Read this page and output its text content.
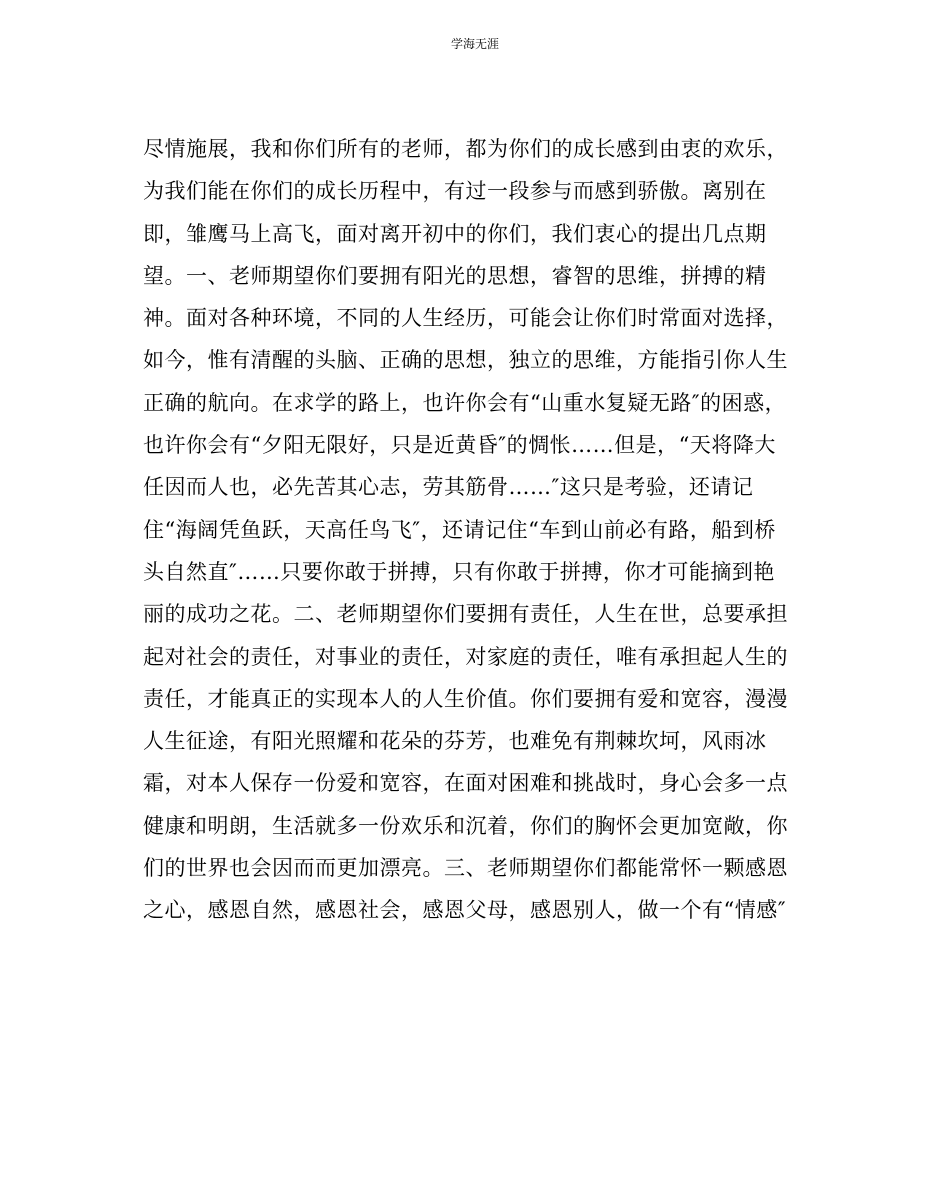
学海无涯
尽情施展，我和你们所有的老师，都为你们的成长感到由衷的欢乐，
为我们能在你们的成长历程中，有过一段参与而感到骄傲。离别在
即，雏鹰马上高飞，面对离开初中的你们，我们衷心的提出几点期
望。一、老师期望你们要拥有阳光的思想，睿智的思维，拼搏的精
神。面对各种环境，不同的人生经历，可能会让你们时常面对选择，
如今，惟有清醒的头脑、正确的思想，独立的思维，方能指引你人生
正确的航向。在求学的路上，也许你会有“山重水复疑无路″的困惑，
也许你会有“夕阳无限好，只是近黄昏″的惆怅……但是，“天将降大
任因而人也，必先苦其心志，劳其筋骨……″这只是考验，还请记
住“海阔凭鱼跃，天高任鸟飞″，还请记住“车到山前必有路，船到桥
头自然直″……只要你敢于拼搏，只有你敢于拼搏，你才可能摘到艳
丽的成功之花。二、老师期望你们要拥有责任，人生在世，总要承担
起对社会的责任，对事业的责任，对家庭的责任，唯有承担起人生的
责任，才能真正的实现本人的人生价值。你们要拥有爱和宽容，漫漫
人生征途，有阳光照耀和花朵的芬芳，也难免有荆棘坎坷，风雨冰
霜，对本人保存一份爱和宽容，在面对困难和挑战时，身心会多一点
健康和明朗，生活就多一份欢乐和沉着，你们的胸怀会更加宽敞，你
们的世界也会因而而更加漂亮。三、老师期望你们都能常怀一颗感恩
之心，感恩自然，感恩社会，感恩父母，感恩别人，做一个有“情感″
